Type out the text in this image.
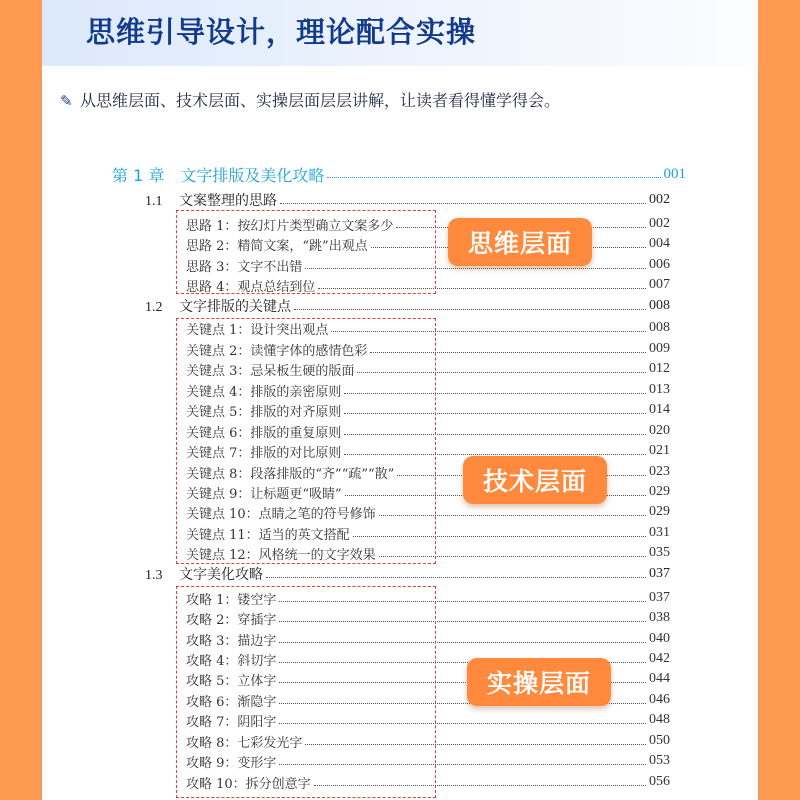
思维引导设计，理论配合实操
✎ 从思维层面、技术层面、实操层面层层讲解，让读者看得懂学得会。
第 1 章　文字排版及美化攻略	001
1.1 文案整理的思路	002
思路 1：按幻灯片类型确立文案多少	002
思路 2：精简文案，“跳”出观点	004
思路 3：文字不出错	006
思路 4：观点总结到位	007
1.2 文字排版的关键点	008
关键点 1：设计突出观点	008
关键点 2：读懂字体的感情色彩	009
关键点 3：忌呆板生硬的版面	012
关键点 4：排版的亲密原则	013
关键点 5：排版的对齐原则	014
关键点 6：排版的重复原则	020
关键点 7：排版的对比原则	021
关键点 8：段落排版的“齐”“疏”“散”	023
关键点 9：让标题更“吸睛”	029
关键点 10：点睛之笔的符号修饰	029
关键点 11：适当的英文搭配	031
关键点 12：风格统一的文字效果	035
1.3 文字美化攻略	037
攻略 1：镂空字	037
攻略 2：穿插字	038
攻略 3：描边字	040
攻略 4：斜切字	042
攻略 5：立体字	044
攻略 6：渐隐字	046
攻略 7：阴阳字	048
攻略 8：七彩发光字	050
攻略 9：变形字	053
攻略 10：拆分创意字	056
思维层面
技术层面
实操层面
